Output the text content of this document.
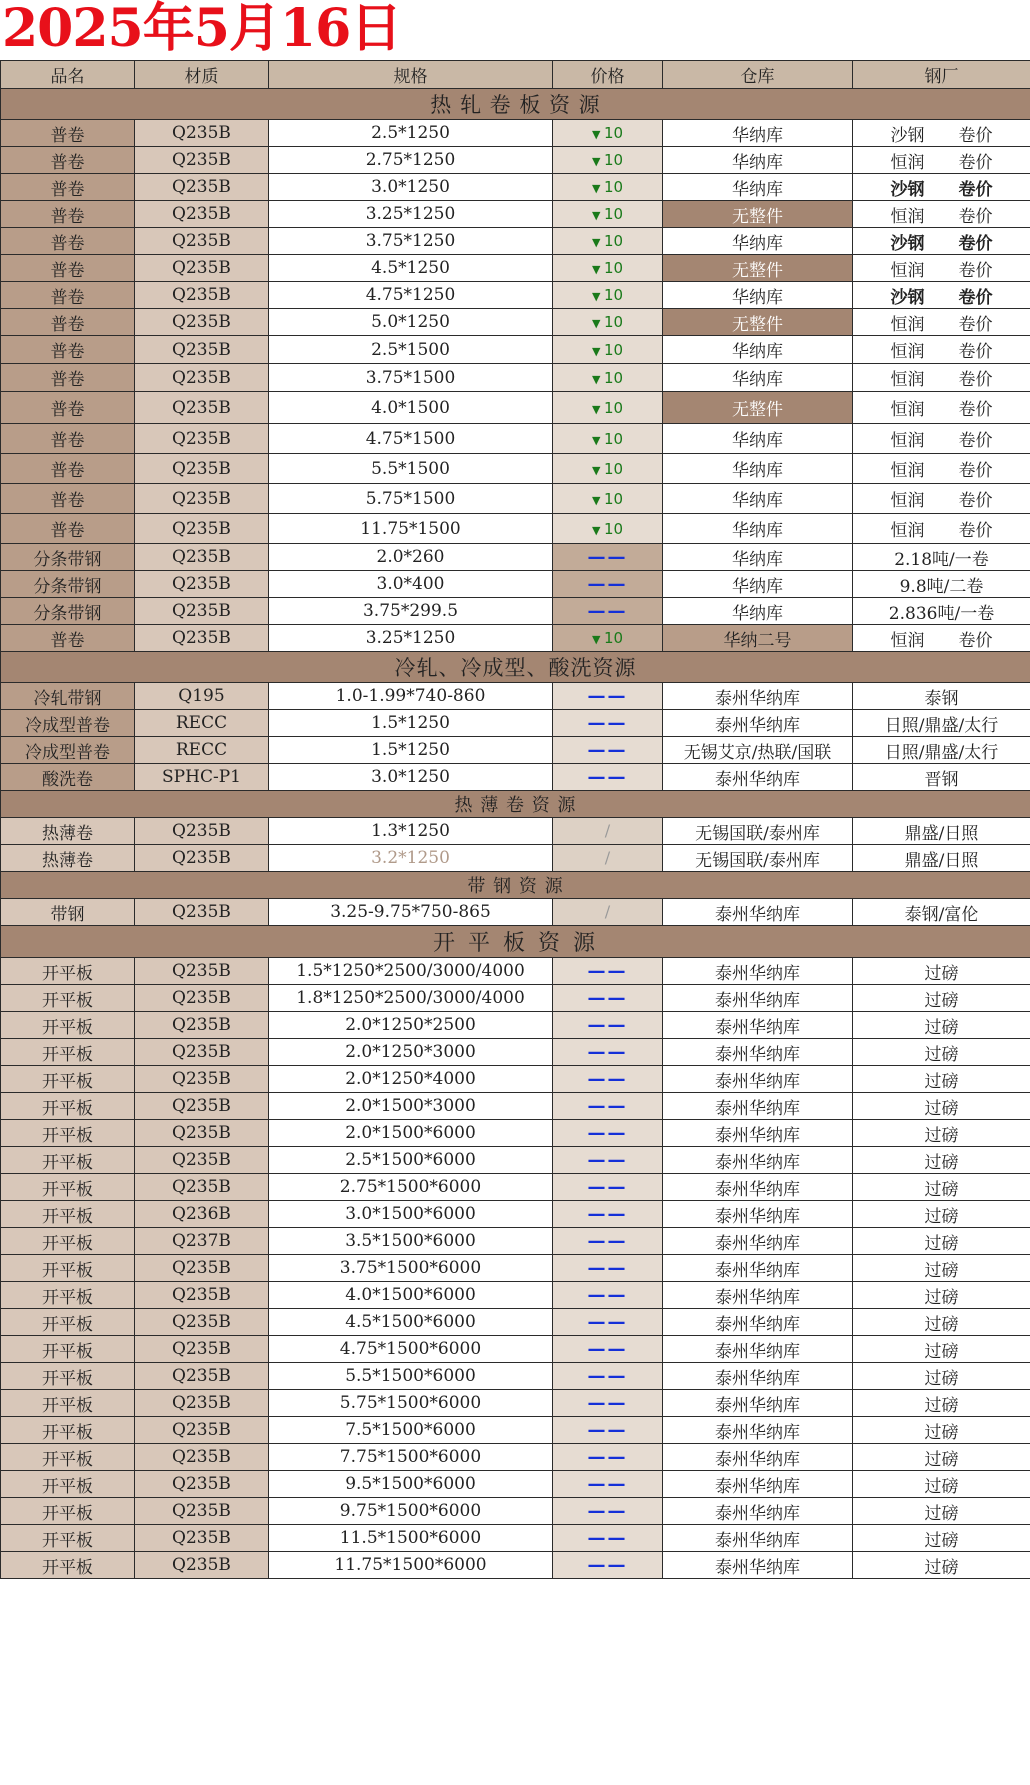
2025年5月16日
品名	材质	规格	价格	仓库	钢厂
热 轧 卷 板 资 源					
普卷	Q235B	2.5*1250	▼ 10	华纳库	沙钢　　卷价
普卷	Q235B	2.75*1250	▼ 10	华纳库	恒润　　卷价
普卷	Q235B	3.0*1250	▼ 10	华纳库	沙钢　　卷价
普卷	Q235B	3.25*1250	▼ 10	无整件	恒润　　卷价
普卷	Q235B	3.75*1250	▼ 10	华纳库	沙钢　　卷价
普卷	Q235B	4.5*1250	▼ 10	无整件	恒润　　卷价
普卷	Q235B	4.75*1250	▼ 10	华纳库	沙钢　　卷价
普卷	Q235B	5.0*1250	▼ 10	无整件	恒润　　卷价
普卷	Q235B	2.5*1500	▼ 10	华纳库	恒润　　卷价
普卷	Q235B	3.75*1500	▼ 10	华纳库	恒润　　卷价
普卷	Q235B	4.0*1500	▼ 10	无整件	恒润　　卷价
普卷	Q235B	4.75*1500	▼ 10	华纳库	恒润　　卷价
普卷	Q235B	5.5*1500	▼ 10	华纳库	恒润　　卷价
普卷	Q235B	5.75*1500	▼ 10	华纳库	恒润　　卷价
普卷	Q235B	11.75*1500	▼ 10	华纳库	恒润　　卷价
分条带钢	Q235B	2.0*260	——	华纳库	2.18吨/一卷
分条带钢	Q235B	3.0*400	——	华纳库	9.8吨/二卷
分条带钢	Q235B	3.75*299.5	——	华纳库	2.836吨/一卷
普卷	Q235B	3.25*1250	▼ 10	华纳二号	恒润　　卷价
冷轧、冷成型、酸洗资源					
冷轧带钢	Q195	1.0-1.99*740-860	——	泰州华纳库	泰钢
冷成型普卷	RECC	1.5*1250	——	泰州华纳库	日照/鼎盛/太行
冷成型普卷	RECC	1.5*1250	——	无锡艾京/热联/国联	日照/鼎盛/太行
酸洗卷	SPHC-P1	3.0*1250	——	泰州华纳库	晋钢
热 薄 卷 资 源					
热薄卷	Q235B	1.3*1250	/	无锡国联/泰州库	鼎盛/日照
热薄卷	Q235B	3.2*1250	/	无锡国联/泰州库	鼎盛/日照
带 钢 资 源					
带钢	Q235B	3.25-9.75*750-865	/	泰州华纳库	泰钢/富伦
开 平 板 资 源					
开平板	Q235B	1.5*1250*2500/3000/4000	——	泰州华纳库	过磅
开平板	Q235B	1.8*1250*2500/3000/4000	——	泰州华纳库	过磅
开平板	Q235B	2.0*1250*2500	——	泰州华纳库	过磅
开平板	Q235B	2.0*1250*3000	——	泰州华纳库	过磅
开平板	Q235B	2.0*1250*4000	——	泰州华纳库	过磅
开平板	Q235B	2.0*1500*3000	——	泰州华纳库	过磅
开平板	Q235B	2.0*1500*6000	——	泰州华纳库	过磅
开平板	Q235B	2.5*1500*6000	——	泰州华纳库	过磅
开平板	Q235B	2.75*1500*6000	——	泰州华纳库	过磅
开平板	Q236B	3.0*1500*6000	——	泰州华纳库	过磅
开平板	Q237B	3.5*1500*6000	——	泰州华纳库	过磅
开平板	Q235B	3.75*1500*6000	——	泰州华纳库	过磅
开平板	Q235B	4.0*1500*6000	——	泰州华纳库	过磅
开平板	Q235B	4.5*1500*6000	——	泰州华纳库	过磅
开平板	Q235B	4.75*1500*6000	——	泰州华纳库	过磅
开平板	Q235B	5.5*1500*6000	——	泰州华纳库	过磅
开平板	Q235B	5.75*1500*6000	——	泰州华纳库	过磅
开平板	Q235B	7.5*1500*6000	——	泰州华纳库	过磅
开平板	Q235B	7.75*1500*6000	——	泰州华纳库	过磅
开平板	Q235B	9.5*1500*6000	——	泰州华纳库	过磅
开平板	Q235B	9.75*1500*6000	——	泰州华纳库	过磅
开平板	Q235B	11.5*1500*6000	——	泰州华纳库	过磅
开平板	Q235B	11.75*1500*6000	——	泰州华纳库	过磅
